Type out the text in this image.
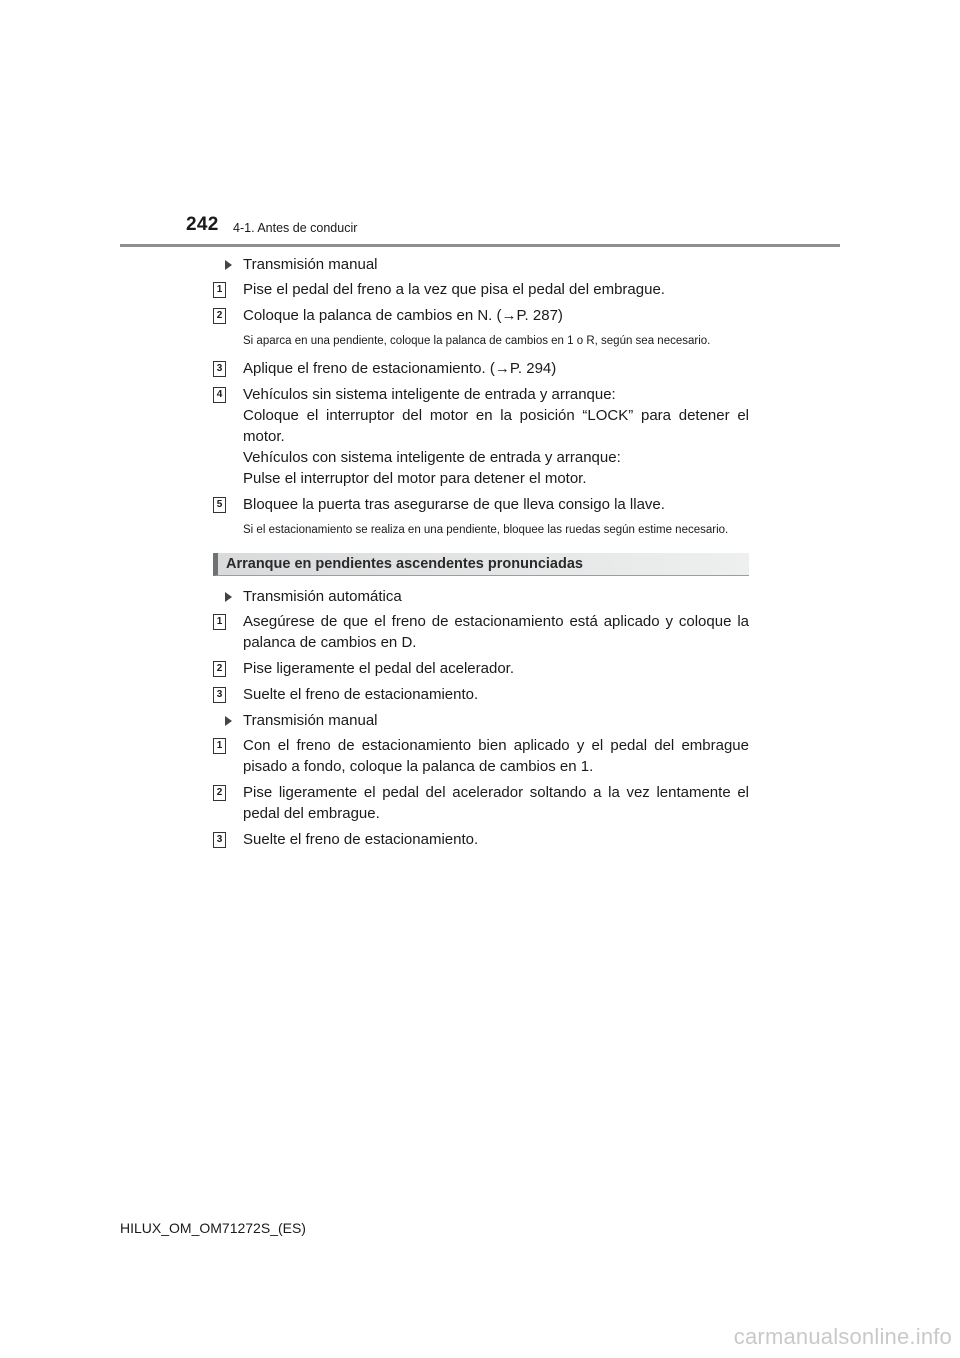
242 4-1. Antes de conducir
Transmisión manual
1 Pise el pedal del freno a la vez que pisa el pedal del embrague.
2 Coloque la palanca de cambios en N. (→P. 287)
Si aparca en una pendiente, coloque la palanca de cambios en 1 o R, según sea necesario.
3 Aplique el freno de estacionamiento. (→P. 294)
4 Vehículos sin sistema inteligente de entrada y arranque:
Coloque el interruptor del motor en la posición “LOCK” para detener el motor.
Vehículos con sistema inteligente de entrada y arranque:
Pulse el interruptor del motor para detener el motor.
5 Bloquee la puerta tras asegurarse de que lleva consigo la llave.
Si el estacionamiento se realiza en una pendiente, bloquee las ruedas según estime necesario.
Arranque en pendientes ascendentes pronunciadas
Transmisión automática
1 Asegúrese de que el freno de estacionamiento está aplicado y coloque la palanca de cambios en D.
2 Pise ligeramente el pedal del acelerador.
3 Suelte el freno de estacionamiento.
Transmisión manual
1 Con el freno de estacionamiento bien aplicado y el pedal del embrague pisado a fondo, coloque la palanca de cambios en 1.
2 Pise ligeramente el pedal del acelerador soltando a la vez lentamente el pedal del embrague.
3 Suelte el freno de estacionamiento.
HILUX_OM_OM71272S_(ES)
carmanualsonline.info
